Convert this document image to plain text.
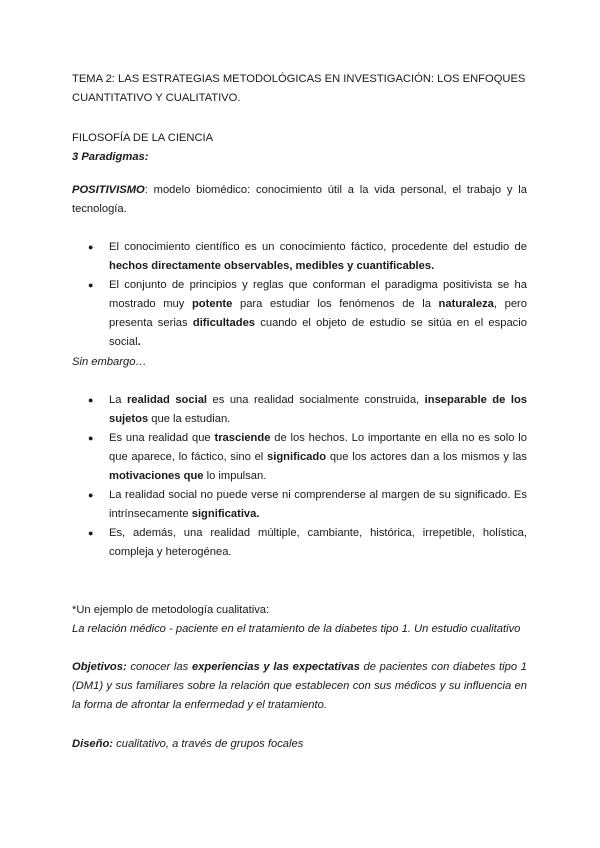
TEMA 2: LAS ESTRATEGIAS METODOLÓGICAS EN INVESTIGACIÓN: LOS ENFOQUES
CUANTITATIVO Y CUALITATIVO.
FILOSOFÍA DE LA CIENCIA
3 Paradigmas:
POSITIVISMO: modelo biomédico: conocimiento útil a la vida personal, el trabajo y la tecnología.
● El conocimiento científico es un conocimiento fáctico, procedente del estudio de hechos directamente observables, medibles y cuantificables.
● El conjunto de principios y reglas que conforman el paradigma positivista se ha mostrado muy potente para estudiar los fenómenos de la naturaleza, pero presenta serias dificultades cuando el objeto de estudio se sitúa en el espacio social.
Sin embargo…
● La realidad social es una realidad socialmente construida, inseparable de los sujetos que la estudian.
● Es una realidad que trasciende de los hechos. Lo importante en ella no es solo lo que aparece, lo fáctico, sino el significado que los actores dan a los mismos y las motivaciones que lo impulsan.
● La realidad social no puede verse ni comprenderse al margen de su significado. Es intrínsecamente significativa.
● Es, además, una realidad múltiple, cambiante, histórica, irrepetible, holística, compleja y heterogénea.
*Un ejemplo de metodología cualitativa:
La relación médico - paciente en el tratamiento de la diabetes tipo 1. Un estudio cualitativo
Objetivos: conocer las experiencias y las expectativas de pacientes con diabetes tipo 1 (DM1) y sus familiares sobre la relación que establecen con sus médicos y su influencia en la forma de afrontar la enfermedad y el tratamiento.
Diseño: cualitativo, a través de grupos focales
